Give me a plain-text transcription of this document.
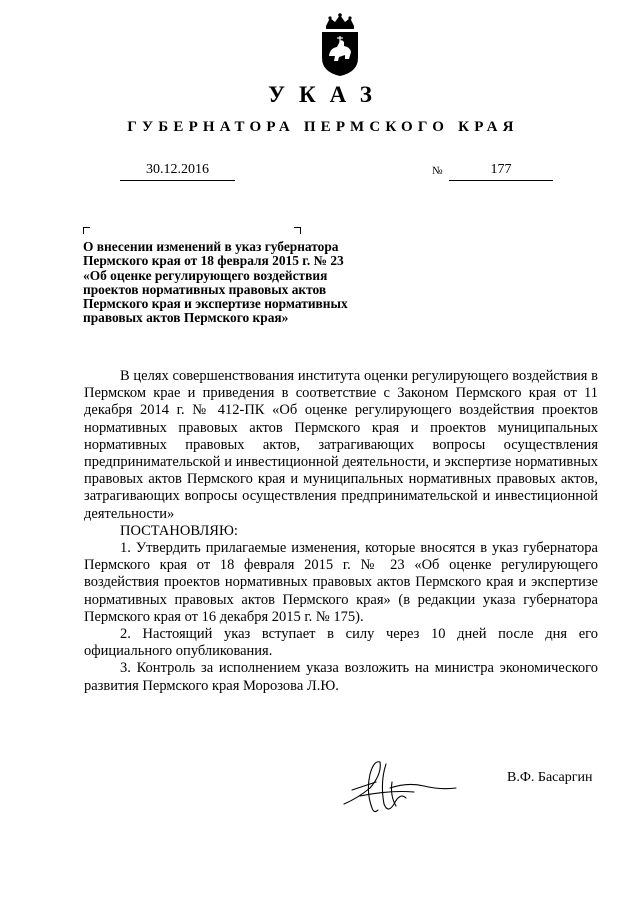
УКАЗ
ГУБЕРНАТОРА ПЕРМСКОГО КРАЯ
30.12.2016	№	177
О внесении изменений в указ губернатора
Пермского края от 18 февраля 2015 г. № 23
«Об оценке регулирующего воздействия
проектов нормативных правовых актов
Пермского края и экспертизе нормативных
правовых актов Пермского края»

В целях совершенствования института оценки регулирующего воздействия в Пермском крае и приведения в соответствие с Законом Пермского края от 11 декабря 2014 г. № 412-ПК «Об оценке регулирующего воздействия проектов нормативных правовых актов Пермского края и проектов муниципальных нормативных правовых актов, затрагивающих вопросы осуществления предпринимательской и инвестиционной деятельности, и экспертизе нормативных правовых актов Пермского края и муниципальных нормативных правовых актов, затрагивающих вопросы осуществления предпринимательской и инвестиционной деятельности»

ПОСТАНОВЛЯЮ:

1. Утвердить прилагаемые изменения, которые вносятся в указ губернатора Пермского края от 18 февраля 2015 г. № 23 «Об оценке регулирующего воздействия проектов нормативных правовых актов Пермского края и экспертизе нормативных правовых актов Пермского края» (в редакции указа губернатора Пермского края от 16 декабря 2015 г. № 175).

2. Настоящий указ вступает в силу через 10 дней после дня его официального опубликования.

3. Контроль за исполнением указа возложить на министра экономического развития Пермского края Морозова Л.Ю.

В.Ф. Басаргин
